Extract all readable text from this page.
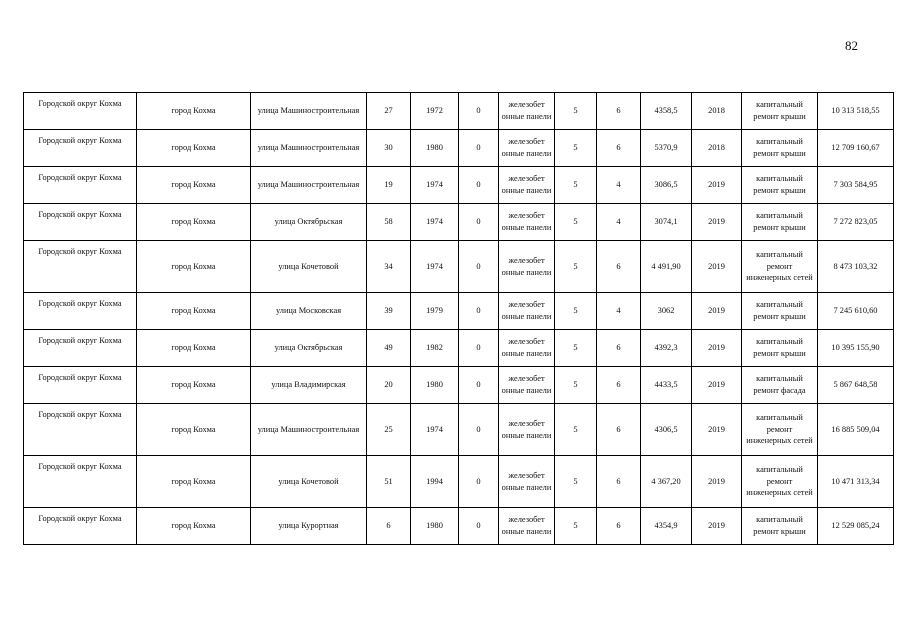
82
Городской округ Кохма	город Кохма	улица Машиностроительная	27	1972	0	железобет онные панели	5	6	4358,5	2018	капитальный ремонт крыши	10 313 518,55
Городской округ Кохма	город Кохма	улица Машиностроительная	30	1980	0	железобет онные панели	5	6	5370,9	2018	капитальный ремонт крыши	12 709 160,67
Городской округ Кохма	город Кохма	улица Машиностроительная	19	1974	0	железобет онные панели	5	4	3086,5	2019	капитальный ремонт крыши	7 303 584,95
Городской округ Кохма	город Кохма	улица Октябрьская	58	1974	0	железобет онные панели	5	4	3074,1	2019	капитальный ремонт крыши	7 272 823,05
Городской округ Кохма	город Кохма	улица Кочетовой	34	1974	0	железобет онные панели	5	6	4 491,90	2019	капитальный ремонт инженерных сетей	8 473 103,32
Городской округ Кохма	город Кохма	улица Московская	39	1979	0	железобет онные панели	5	4	3062	2019	капитальный ремонт крыши	7 245 610,60
Городской округ Кохма	город Кохма	улица Октябрьская	49	1982	0	железобет онные панели	5	6	4392,3	2019	капитальный ремонт крыши	10 395 155,90
Городской округ Кохма	город Кохма	улица Владимирская	20	1980	0	железобет онные панели	5	6	4433,5	2019	капитальный ремонт фасада	5 867 648,58
Городской округ Кохма	город Кохма	улица Машиностроительная	25	1974	0	железобет онные панели	5	6	4306,5	2019	капитальный ремонт инженерных сетей	16 885 509,04
Городской округ Кохма	город Кохма	улица Кочетовой	51	1994	0	железобет онные панели	5	6	4 367,20	2019	капитальный ремонт инженерных сетей	10 471 313,34
Городской округ Кохма	город Кохма	улица Курортная	6	1980	0	железобет онные панели	5	6	4354,9	2019	капитальный ремонт крыши	12 529 085,24
